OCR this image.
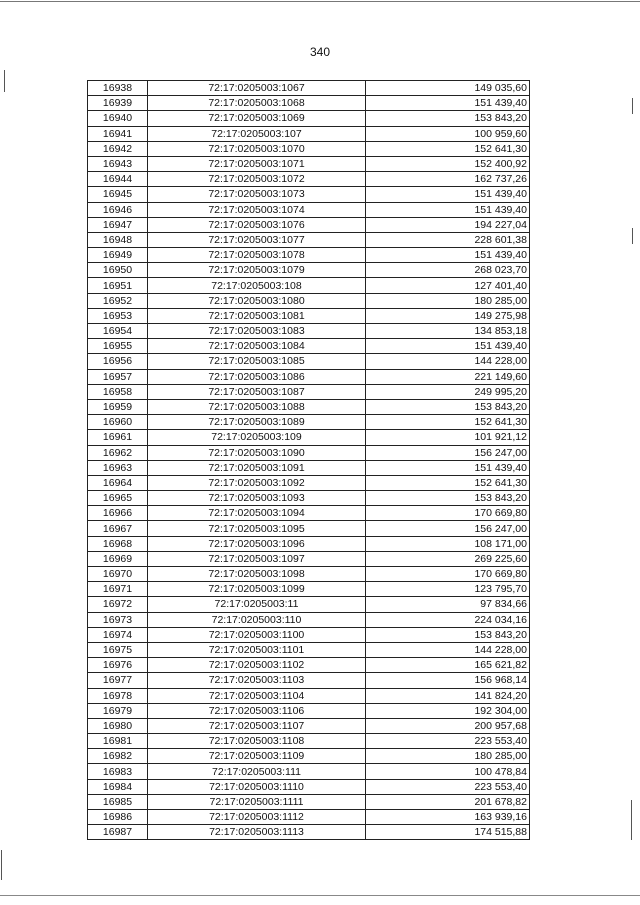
340
16938	72:17:0205003:1067	149 035,60
16939	72:17:0205003:1068	151 439,40
16940	72:17:0205003:1069	153 843,20
16941	72:17:0205003:107	100 959,60
16942	72:17:0205003:1070	152 641,30
16943	72:17:0205003:1071	152 400,92
16944	72:17:0205003:1072	162 737,26
16945	72:17:0205003:1073	151 439,40
16946	72:17:0205003:1074	151 439,40
16947	72:17:0205003:1076	194 227,04
16948	72:17:0205003:1077	228 601,38
16949	72:17:0205003:1078	151 439,40
16950	72:17:0205003:1079	268 023,70
16951	72:17:0205003:108	127 401,40
16952	72:17:0205003:1080	180 285,00
16953	72:17:0205003:1081	149 275,98
16954	72:17:0205003:1083	134 853,18
16955	72:17:0205003:1084	151 439,40
16956	72:17:0205003:1085	144 228,00
16957	72:17:0205003:1086	221 149,60
16958	72:17:0205003:1087	249 995,20
16959	72:17:0205003:1088	153 843,20
16960	72:17:0205003:1089	152 641,30
16961	72:17:0205003:109	101 921,12
16962	72:17:0205003:1090	156 247,00
16963	72:17:0205003:1091	151 439,40
16964	72:17:0205003:1092	152 641,30
16965	72:17:0205003:1093	153 843,20
16966	72:17:0205003:1094	170 669,80
16967	72:17:0205003:1095	156 247,00
16968	72:17:0205003:1096	108 171,00
16969	72:17:0205003:1097	269 225,60
16970	72:17:0205003:1098	170 669,80
16971	72:17:0205003:1099	123 795,70
16972	72:17:0205003:11	97 834,66
16973	72:17:0205003:110	224 034,16
16974	72:17:0205003:1100	153 843,20
16975	72:17:0205003:1101	144 228,00
16976	72:17:0205003:1102	165 621,82
16977	72:17:0205003:1103	156 968,14
16978	72:17:0205003:1104	141 824,20
16979	72:17:0205003:1106	192 304,00
16980	72:17:0205003:1107	200 957,68
16981	72:17:0205003:1108	223 553,40
16982	72:17:0205003:1109	180 285,00
16983	72:17:0205003:111	100 478,84
16984	72:17:0205003:1110	223 553,40
16985	72:17:0205003:1111	201 678,82
16986	72:17:0205003:1112	163 939,16
16987	72:17:0205003:1113	174 515,88
